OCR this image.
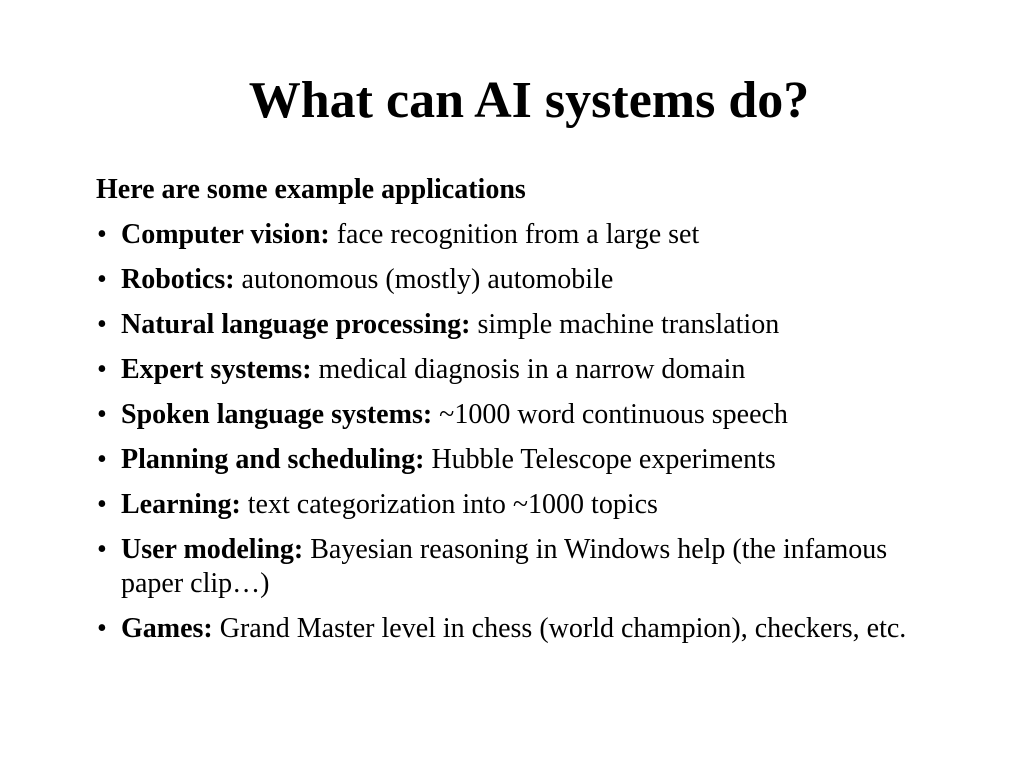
What can AI systems do?

Here are some example applications

• Computer vision: face recognition from a large set
• Robotics: autonomous (mostly) automobile
• Natural language processing: simple machine translation
• Expert systems: medical diagnosis in a narrow domain
• Spoken language systems: ~1000 word continuous speech
• Planning and scheduling: Hubble Telescope experiments
• Learning: text categorization into ~1000 topics
• User modeling: Bayesian reasoning in Windows help (the infamous paper clip…)
• Games: Grand Master level in chess (world champion), checkers, etc.
